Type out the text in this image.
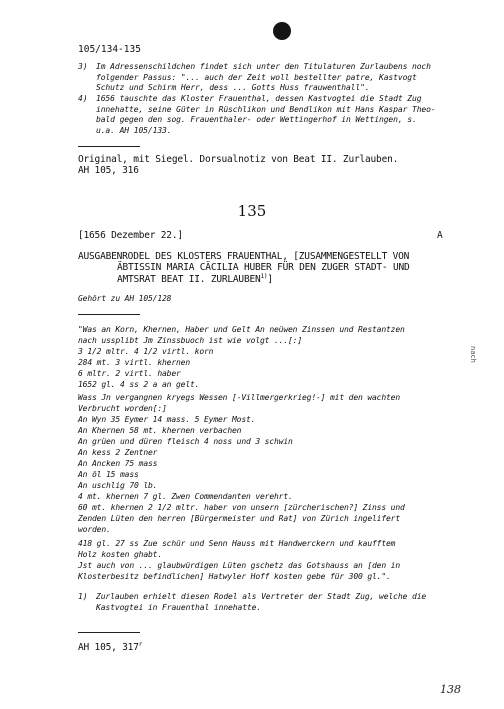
105/134-135
3) Im Adressenschildchen findet sich unter den Titulaturen Zurlaubens noch
folgender Passus: "... auch der Zeit woll bestellter patre, Kastvogt
Schutz und Schirm Herr, dess ... Gotts Huss frauwenthall".
4) 1656 tauschte das Kloster Frauenthal, dessen Kastvogtei die Stadt Zug
innehatte, seine Güter in Rüschlikon und Bendlikon mit Hans Kaspar Theo-
bald gegen den sog. Frauenthaler- oder Wettingerhof in Wettingen, s.
u.a. AH 105/133.
Original, mit Siegel. Dorsualnotiz von Beat II. Zurlauben.
AH 105, 316
135
[1656 Dezember 22.]	A
AUSGABENRODEL DES KLOSTERS FRAUENTHAL, [ZUSAMMENGESTELLT VON
ÄBTISSIN MARIA CÄCILIA HUBER FÜR DEN ZUGER STADT- UND
AMTSRAT BEAT II. ZURLAUBEN$^{1)}$]
Gehört zu AH 105/128
"Was an Korn, Khernen, Haber und Gelt An neüwen Zinssen und Restantzen
nach ussplibt Jm Zinssbuoch ist wie volgt ...[:]
3 1/2 mltr. 4 1/2 virtl. korn
284 mt. 3 virtl. khernen
6 mltr. 2 virtl. haber
1652 gl. 4 ss 2 a an gelt.
Wass Jn vergangnen kryegs Wessen [-Villmergerkrieg!-] mit den wachten
Verbrucht worden[:]
An Wyn 35 Eymer 14 mass. 5 Eymer Most.
An Khernen 58 mt. khernen verbachen
An grüen und düren fleisch 4 noss und 3 schwin
An kess 2 Zentner
An Ancken 75 mass
An öl 15 mass
An uschlig 70 lb.
4 mt. khernen 7 gl. Zwen Commendanten verehrt.
60 mt. khernen 2 1/2 mltr. haber von unsern [zürcherischen?] Zinss und
Zenden Lüten den herren [Bürgermeister und Rat] von Zürich ingelifert
worden.
418 gl. 27 ss Zue schür und Senn Hauss mit Handwerckern und kaufftem
Holz kosten ghabt.
Jst auch von ... glaubwürdigen Lüten gschetz das Gotshauss an [den in
Klosterbesitz befindlichen] Hatwyler Hoff kosten gebe für 300 gl.".
1) Zurlauben erhielt diesen Rodel als Vertreter der Stadt Zug, welche die
Kastvogtei in Frauenthal innehatte.
AH 105, 317$^r$
nach
138
